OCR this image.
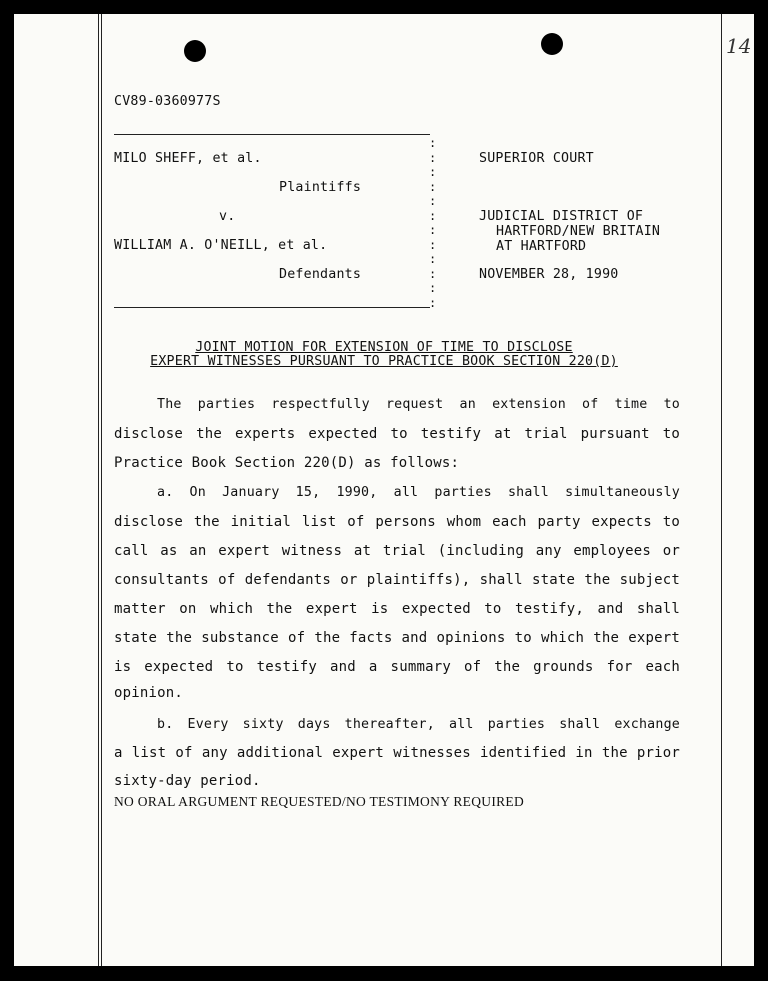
14
CV89-0360977S
:
:
:
:
:
:
:
:
:
:
:
:
MILO SHEFF, et al.
Plaintiffs
v.
WILLIAM A. O'NEILL, et al.
Defendants
SUPERIOR COURT
JUDICIAL DISTRICT OF
HARTFORD/NEW BRITAIN
AT HARTFORD
NOVEMBER 28, 1990
JOINT MOTION FOR EXTENSION OF TIME TO DISCLOSE
EXPERT WITNESSES PURSUANT TO PRACTICE BOOK SECTION 220(D)
The parties respectfully request an extension of time to
disclose the experts expected to testify at trial pursuant to
Practice Book Section 220(D) as follows:
a. On January 15, 1990, all parties shall simultaneously
disclose the initial list of persons whom each party expects to
call as an expert witness at trial (including any employees or
consultants of defendants or plaintiffs), shall state the subject
matter on which the expert is expected to testify, and shall
state the substance of the facts and opinions to which the expert
is expected to testify and a summary of the grounds for each
opinion.
b. Every sixty days thereafter, all parties shall exchange
a list of any additional expert witnesses identified in the prior
sixty-day period.
NO ORAL ARGUMENT REQUESTED/NO TESTIMONY REQUIRED
